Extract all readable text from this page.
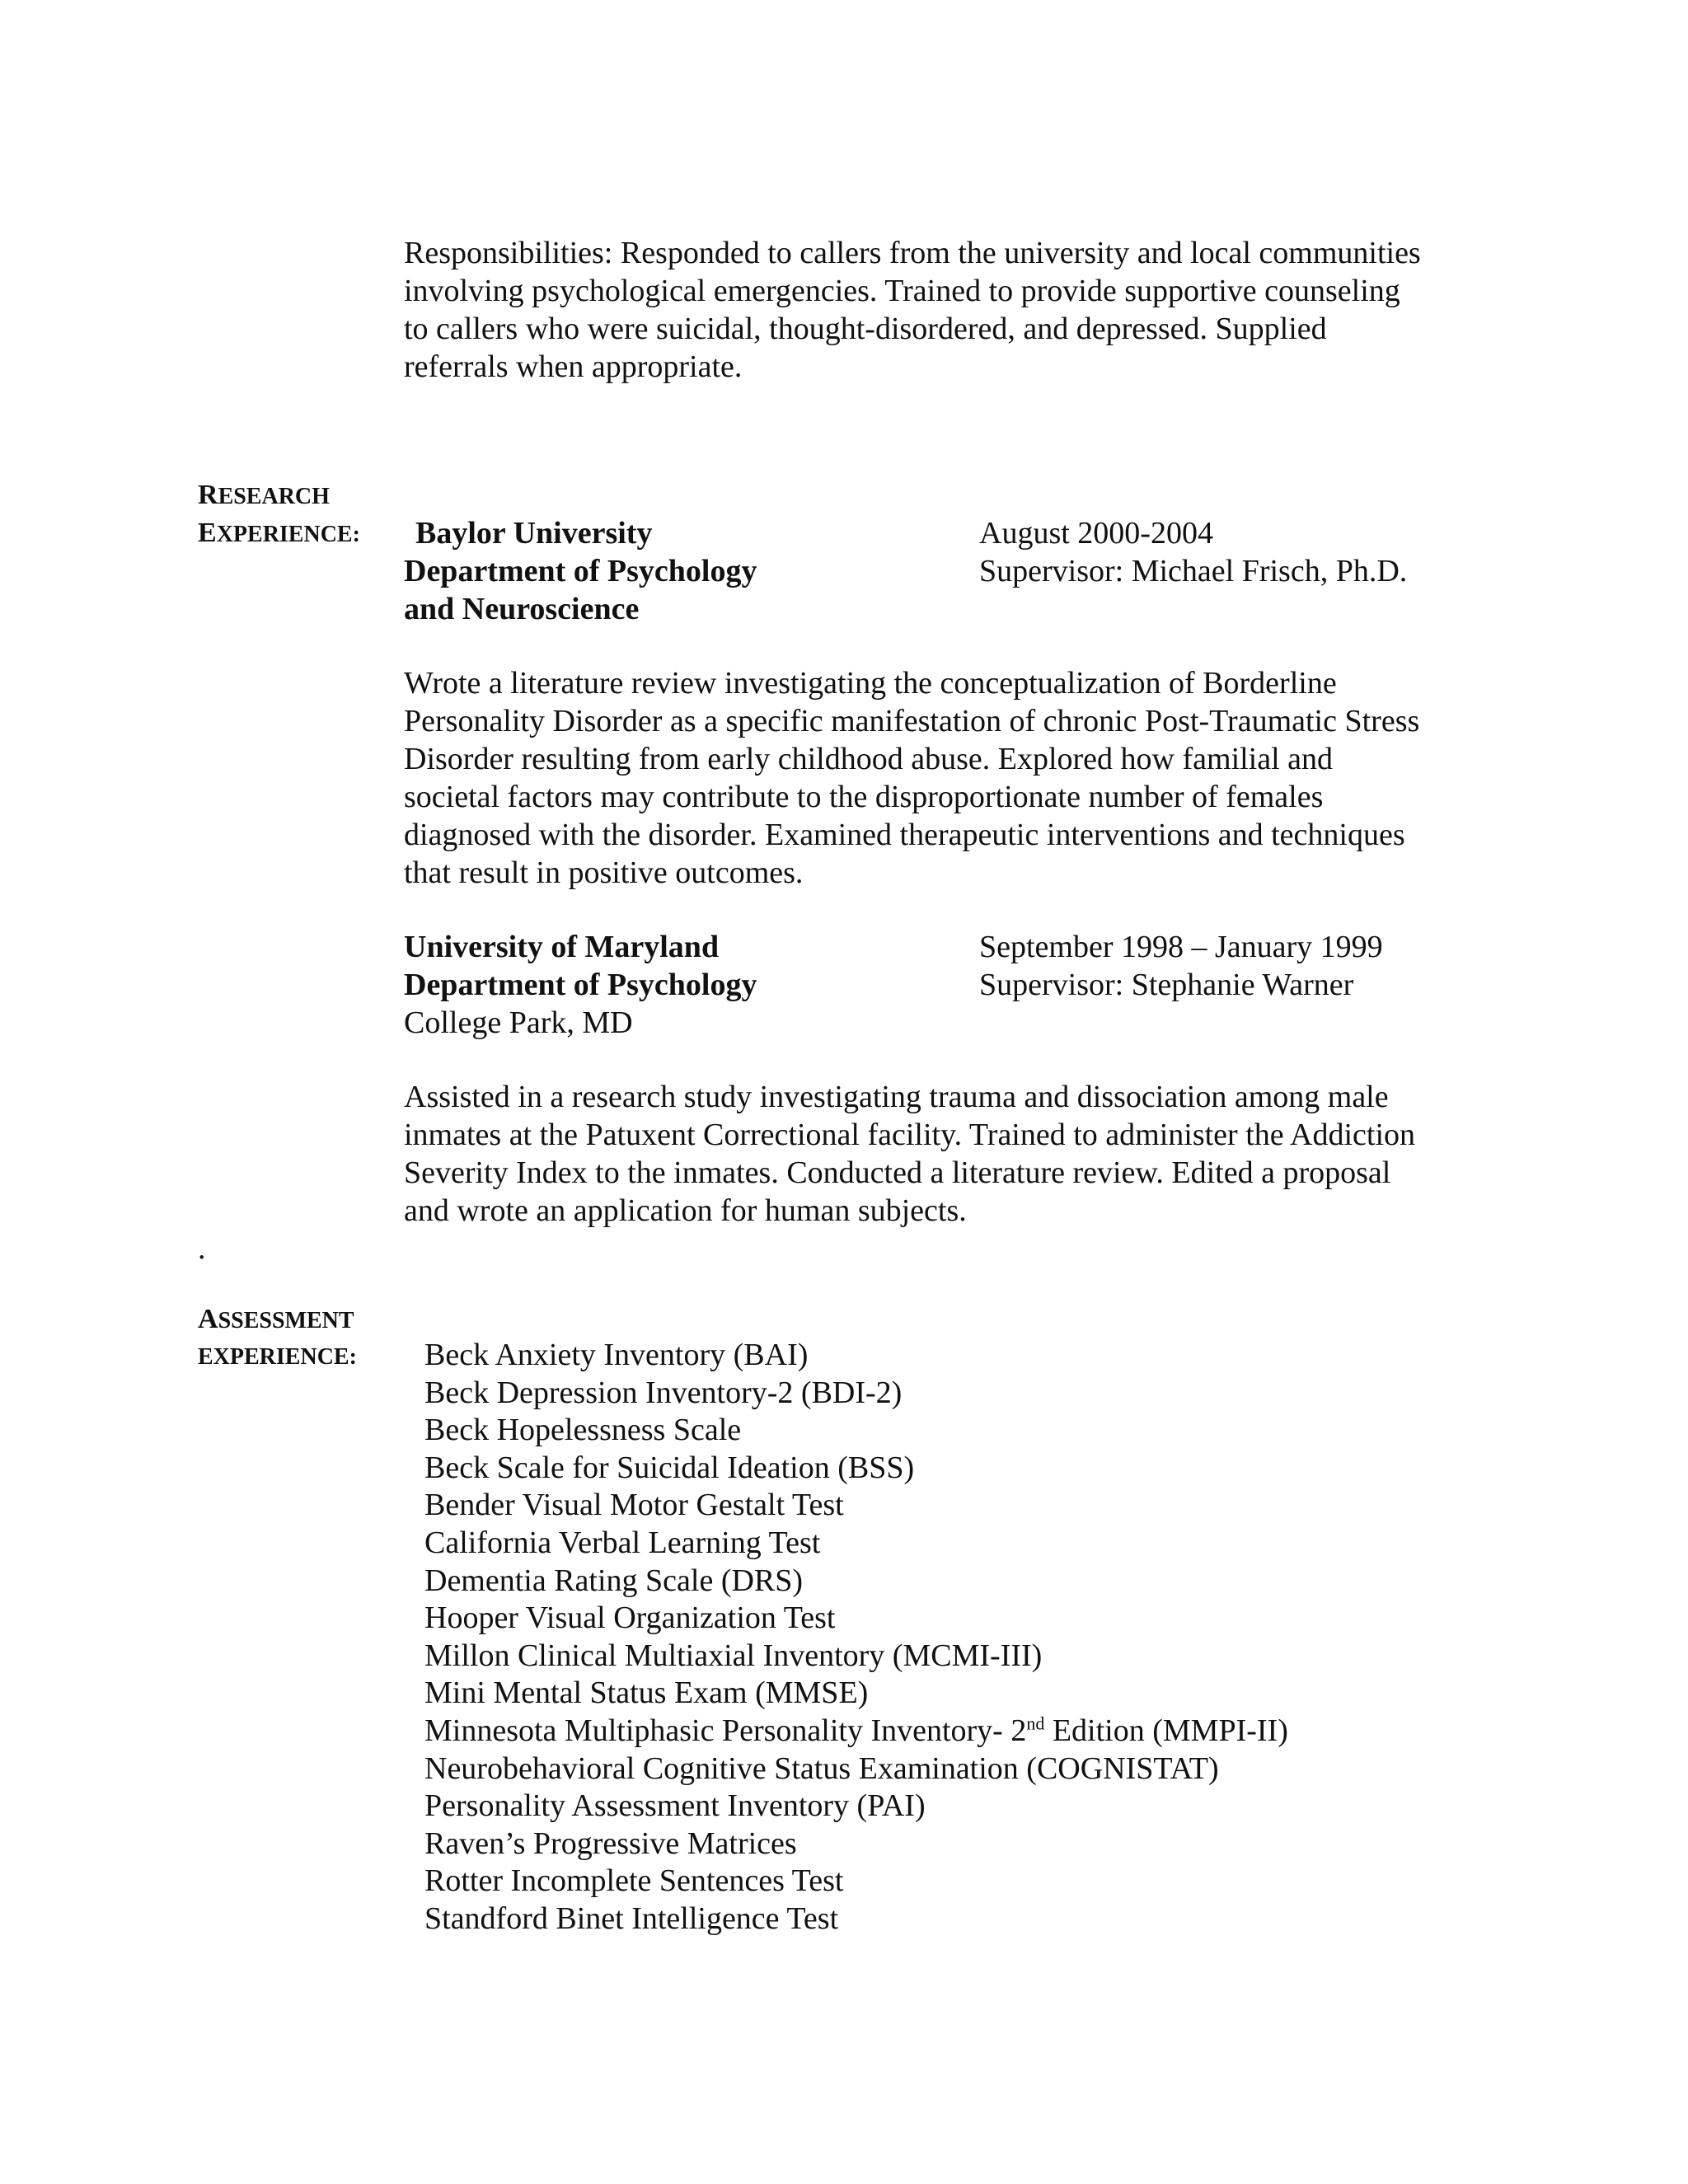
Responsibilities: Responded to callers from the university and local communities
involving psychological emergencies. Trained to provide supportive counseling
to callers who were suicidal, thought-disordered, and depressed. Supplied
referrals when appropriate.
RESEARCH
EXPERIENCE: Baylor University
Department of Psychology
and Neuroscience
August 2000-2004
Supervisor: Michael Frisch, Ph.D.
Wrote a literature review investigating the conceptualization of Borderline
Personality Disorder as a specific manifestation of chronic Post-Traumatic Stress
Disorder resulting from early childhood abuse. Explored how familial and
societal factors may contribute to the disproportionate number of females
diagnosed with the disorder. Examined therapeutic interventions and techniques
that result in positive outcomes.
University of Maryland
Department of Psychology
College Park, MD
September 1998 – January 1999
Supervisor: Stephanie Warner
Assisted in a research study investigating trauma and dissociation among male
inmates at the Patuxent Correctional facility. Trained to administer the Addiction
Severity Index to the inmates. Conducted a literature review. Edited a proposal
and wrote an application for human subjects.
.
ASSESSMENT
EXPERIENCE: Beck Anxiety Inventory (BAI)
Beck Depression Inventory-2 (BDI-2)
Beck Hopelessness Scale
Beck Scale for Suicidal Ideation (BSS)
Bender Visual Motor Gestalt Test
California Verbal Learning Test
Dementia Rating Scale (DRS)
Hooper Visual Organization Test
Millon Clinical Multiaxial Inventory (MCMI-III)
Mini Mental Status Exam (MMSE)
Minnesota Multiphasic Personality Inventory- 2nd Edition (MMPI-II)
Neurobehavioral Cognitive Status Examination (COGNISTAT)
Personality Assessment Inventory (PAI)
Raven’s Progressive Matrices
Rotter Incomplete Sentences Test
Standford Binet Intelligence Test
